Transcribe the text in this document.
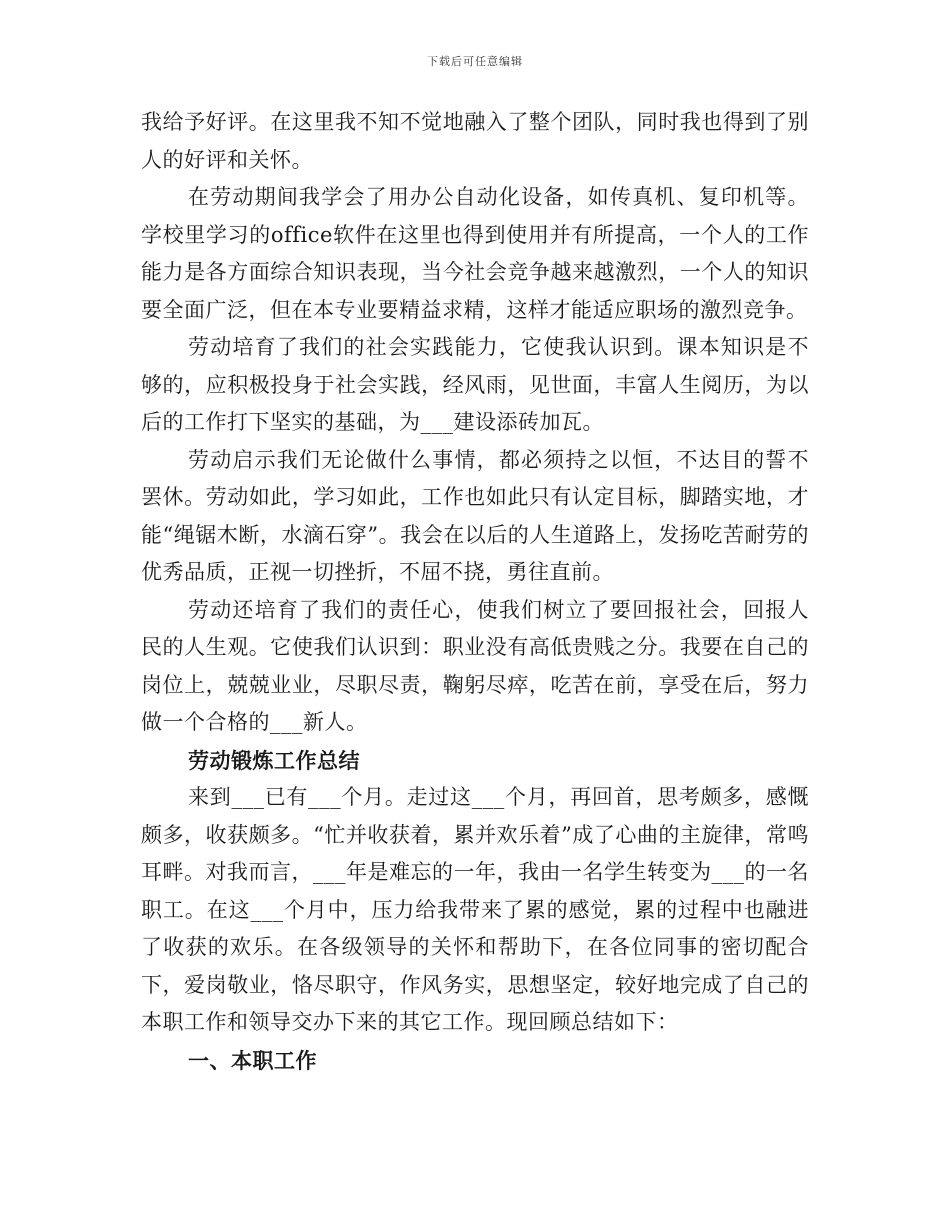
下载后可任意编辑

我给予好评。在这里我不知不觉地融入了整个团队，同时我也得到了别人的好评和关怀。

在劳动期间我学会了用办公自动化设备，如传真机、复印机等。学校里学习的office软件在这里也得到使用并有所提高，一个人的工作能力是各方面综合知识表现，当今社会竞争越来越激烈，一个人的知识要全面广泛，但在本专业要精益求精，这样才能适应职场的激烈竞争。

劳动培育了我们的社会实践能力，它使我认识到。课本知识是不够的，应积极投身于社会实践，经风雨，见世面，丰富人生阅历，为以后的工作打下坚实的基础，为___建设添砖加瓦。

劳动启示我们无论做什么事情，都必须持之以恒，不达目的誓不罢休。劳动如此，学习如此，工作也如此只有认定目标，脚踏实地，才能“绳锯木断，水滴石穿”。我会在以后的人生道路上，发扬吃苦耐劳的优秀品质，正视一切挫折，不屈不挠，勇往直前。

劳动还培育了我们的责任心，使我们树立了要回报社会，回报人民的人生观。它使我们认识到：职业没有高低贵贱之分。我要在自己的岗位上，兢兢业业，尽职尽责，鞠躬尽瘁，吃苦在前，享受在后，努力做一个合格的___新人。

劳动锻炼工作总结

来到___已有___个月。走过这___个月，再回首，思考颇多，感慨颇多，收获颇多。“忙并收获着，累并欢乐着”成了心曲的主旋律，常鸣耳畔。对我而言，___年是难忘的一年，我由一名学生转变为___的一名职工。在这___个月中，压力给我带来了累的感觉，累的过程中也融进了收获的欢乐。在各级领导的关怀和帮助下，在各位同事的密切配合下，爱岗敬业，恪尽职守，作风务实，思想坚定，较好地完成了自己的本职工作和领导交办下来的其它工作。现回顾总结如下：

一、本职工作
